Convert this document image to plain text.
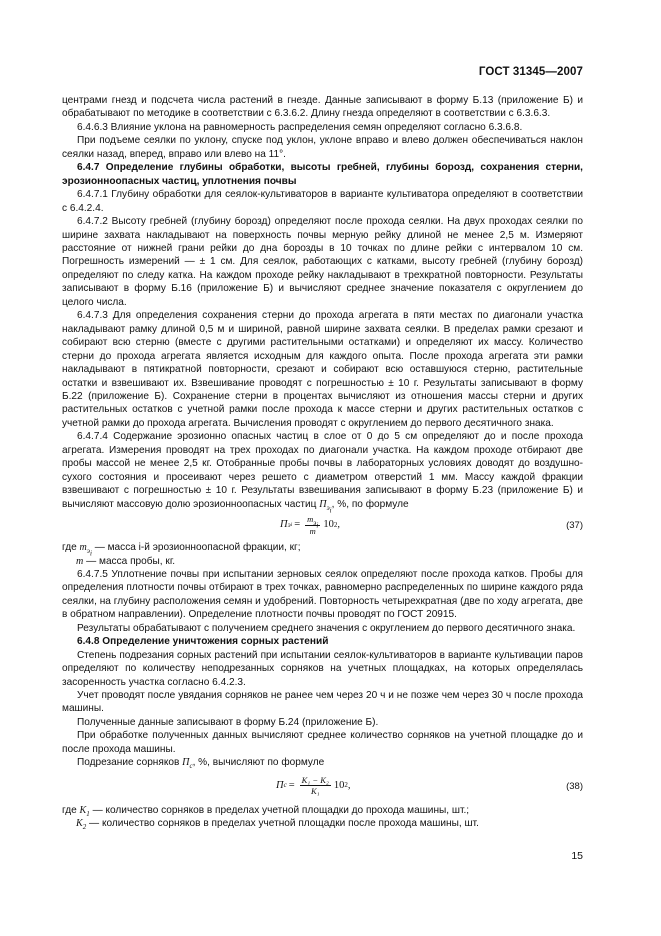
ГОСТ 31345—2007

центрами гнезд и подсчета числа растений в гнезде. Данные записывают в форму Б.13 (приложение Б) и обрабатывают по методике в соответствии с 6.3.6.2. Длину гнезда определяют в соответствии с 6.3.6.3.

6.4.6.3 Влияние уклона на равномерность распределения семян определяют согласно 6.3.6.8.

При подъеме сеялки по уклону, спуске под уклон, уклоне вправо и влево должен обеспечиваться наклон сеялки назад, вперед, вправо или влево на 11°.

6.4.7 Определение глубины обработки, высоты гребней, глубины борозд, сохранения стерни, эрозионноопасных частиц, уплотнения почвы

6.4.7.1 Глубину обработки для сеялок-культиваторов в варианте культиватора определяют в соответствии с 6.4.2.4.

6.4.7.2 Высоту гребней (глубину борозд) определяют после прохода сеялки. На двух проходах сеялки по ширине захвата накладывают на поверхность почвы мерную рейку длиной не менее 2,5 м. Измеряют расстояние от нижней грани рейки до дна борозды в 10 точках по длине рейки с интервалом 10 см. Погрешность измерений — ± 1 см. Для сеялок, работающих с катками, высоту гребней (глубину борозд) определяют по следу катка. На каждом проходе рейку накладывают в трехкратной повторности. Результаты записывают в форму Б.16 (приложение Б) и вычисляют среднее значение показателя с округлением до целого числа.

6.4.7.3 Для определения сохранения стерни до прохода агрегата в пяти местах по диагонали участка накладывают рамку длиной 0,5 м и шириной, равной ширине захвата сеялки. В пределах рамки срезают и собирают всю стерню (вместе с другими растительными остатками) и определяют их массу. Количество стерни до прохода агрегата является исходным для каждого опыта. После прохода агрегата эти рамки накладывают в пятикратной повторности, срезают и собирают всю оставшуюся стерню, растительные остатки и взвешивают их. Взвешивание проводят с погрешностью ± 10 г. Результаты записывают в форму Б.22 (приложение Б). Сохранение стерни в процентах вычисляют из отношения массы стерни и других растительных остатков с учетной рамки после прохода к массе стерни и других растительных остатков с учетной рамки до прохода агрегата. Вычисления проводят с округлением до первого десятичного знака.

6.4.7.4 Содержание эрозионно опасных частиц в слое от 0 до 5 см определяют до и после прохода агрегата. Измерения проводят на трех проходах по диагонали участка. На каждом проходе отбирают две пробы массой не менее 2,5 кг. Отобранные пробы почвы в лабораторных условиях доводят до воздушно-сухого состояния и просеивают через решето с диаметром отверстий 1 мм. Массу каждой фракции взвешивают с погрешностью ± 10 г. Результаты взвешивания записывают в форму Б.23 (приложение Б) и вычисляют массовую долю эрозионноопасных частиц $П_{э_i}$, %, по формуле

П э $i = \frac{m_{э_i}}{m} 10$ 2 ,	(37)

где $m_{э_i}$ — масса i-й эрозионноопасной фракции, кг;

m — масса пробы, кг.

6.4.7.5 Уплотнение почвы при испытании зерновых сеялок определяют после прохода катков. Пробы для определения плотности почвы отбирают в трех точках, равномерно распределенных по ширине каждого ряда сеялки, на глубину расположения семян и удобрений. Повторность четырехкратная (две по ходу агрегата, две в обратном направлении). Определение плотности почвы проводят по ГОСТ 20915.

Результаты обрабатывают с получением среднего значения с округлением до первого десятичного знака.

6.4.8 Определение уничтожения сорных растений

Степень подрезания сорных растений при испытании сеялок-культиваторов в варианте культивации паров определяют по количеству неподрезанных сорняков на учетных площадках, на которых определялась засоренность участка согласно 6.4.2.3.

Учет проводят после увядания сорняков не ранее чем через 20 ч и не позже чем через 30 ч после прохода машины.

Полученные данные записывают в форму Б.24 (приложение Б).

При обработке полученных данных вычисляют среднее количество сорняков на учетной площадке до и после прохода машины.

Подрезание сорняков $П_с$, %, вычисляют по формуле

П $с = \frac{\text{K₁ − K₂}}{\text{K₁}} 10$ 2 ,	(38)

где $K_1$ — количество сорняков в пределах учетной площадки до прохода машины, шт.;

$K_2$ — количество сорняков в пределах учетной площадки после прохода машины, шт.

15
